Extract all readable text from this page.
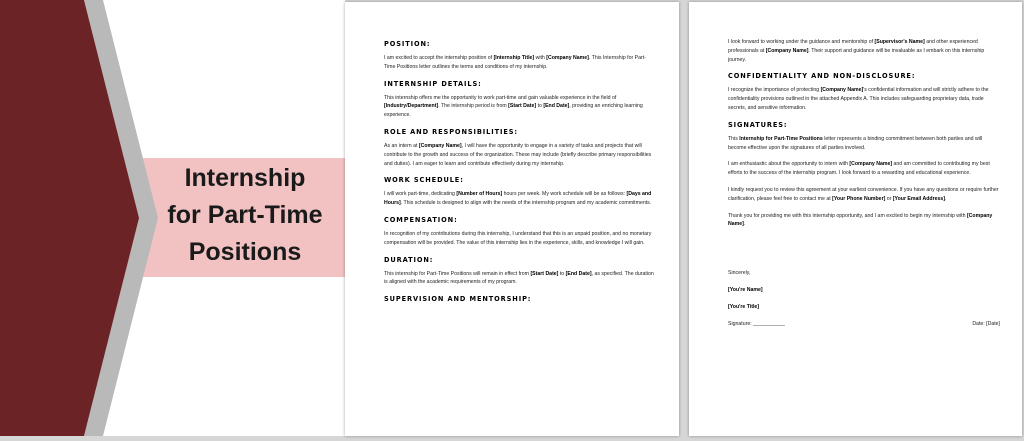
Internship
for Part-Time
Positions
POSITION:
I am excited to accept the internship position of [Internship Title] with [Company Name]. This Internship for Part-Time Positions letter outlines the terms and conditions of my internship.
INTERNSHIP DETAILS:
This internship offers me the opportunity to work part-time and gain valuable experience in the field of [Industry/Department]. The internship period is from [Start Date] to [End Date], providing an enriching learning experience.
ROLE AND RESPONSIBILITIES:
As an intern at [Company Name], I will have the opportunity to engage in a variety of tasks and projects that will contribute to the growth and success of the organization. These may include (briefly describe primary responsibilities and duties). I am eager to learn and contribute effectively during my internship.
WORK SCHEDULE:
I will work part-time, dedicating [Number of Hours] hours per week. My work schedule will be as follows: [Days and Hours]. This schedule is designed to align with the needs of the internship program and my academic commitments.
COMPENSATION:
In recognition of my contributions during this internship, I understand that this is an unpaid position, and no monetary compensation will be provided. The value of this internship lies in the experience, skills, and knowledge I will gain.
DURATION:
This internship for Part-Time Positions will remain in effect from [Start Date] to [End Date], as specified. The duration is aligned with the academic requirements of my program.
SUPERVISION AND MENTORSHIP:
I look forward to working under the guidance and mentorship of [Supervisor's Name] and other experienced professionals at [Company Name]. Their support and guidance will be invaluable as I embark on this internship journey.
CONFIDENTIALITY AND NON-DISCLOSURE:
I recognize the importance of protecting [Company Name]'s confidential information and will strictly adhere to the confidentiality provisions outlined in the attached Appendix A. This includes safeguarding proprietary data, trade secrets, and sensitive information.
SIGNATURES:
This Internship for Part-Time Positions letter represents a binding commitment between both parties and will become effective upon the signatures of all parties involved.
I am enthusiastic about the opportunity to intern with [Company Name] and am committed to contributing my best efforts to the success of the internship program. I look forward to a rewarding and educational experience.
I kindly request you to review this agreement at your earliest convenience. If you have any questions or require further clarification, please feel free to contact me at [Your Phone Number] or [Your Email Address].
Thank you for providing me with this internship opportunity, and I am excited to begin my internship with [Company Name].
Sincerely,
[You're Name]
[You're Title]
Signature: ___________	Date: [Date]
